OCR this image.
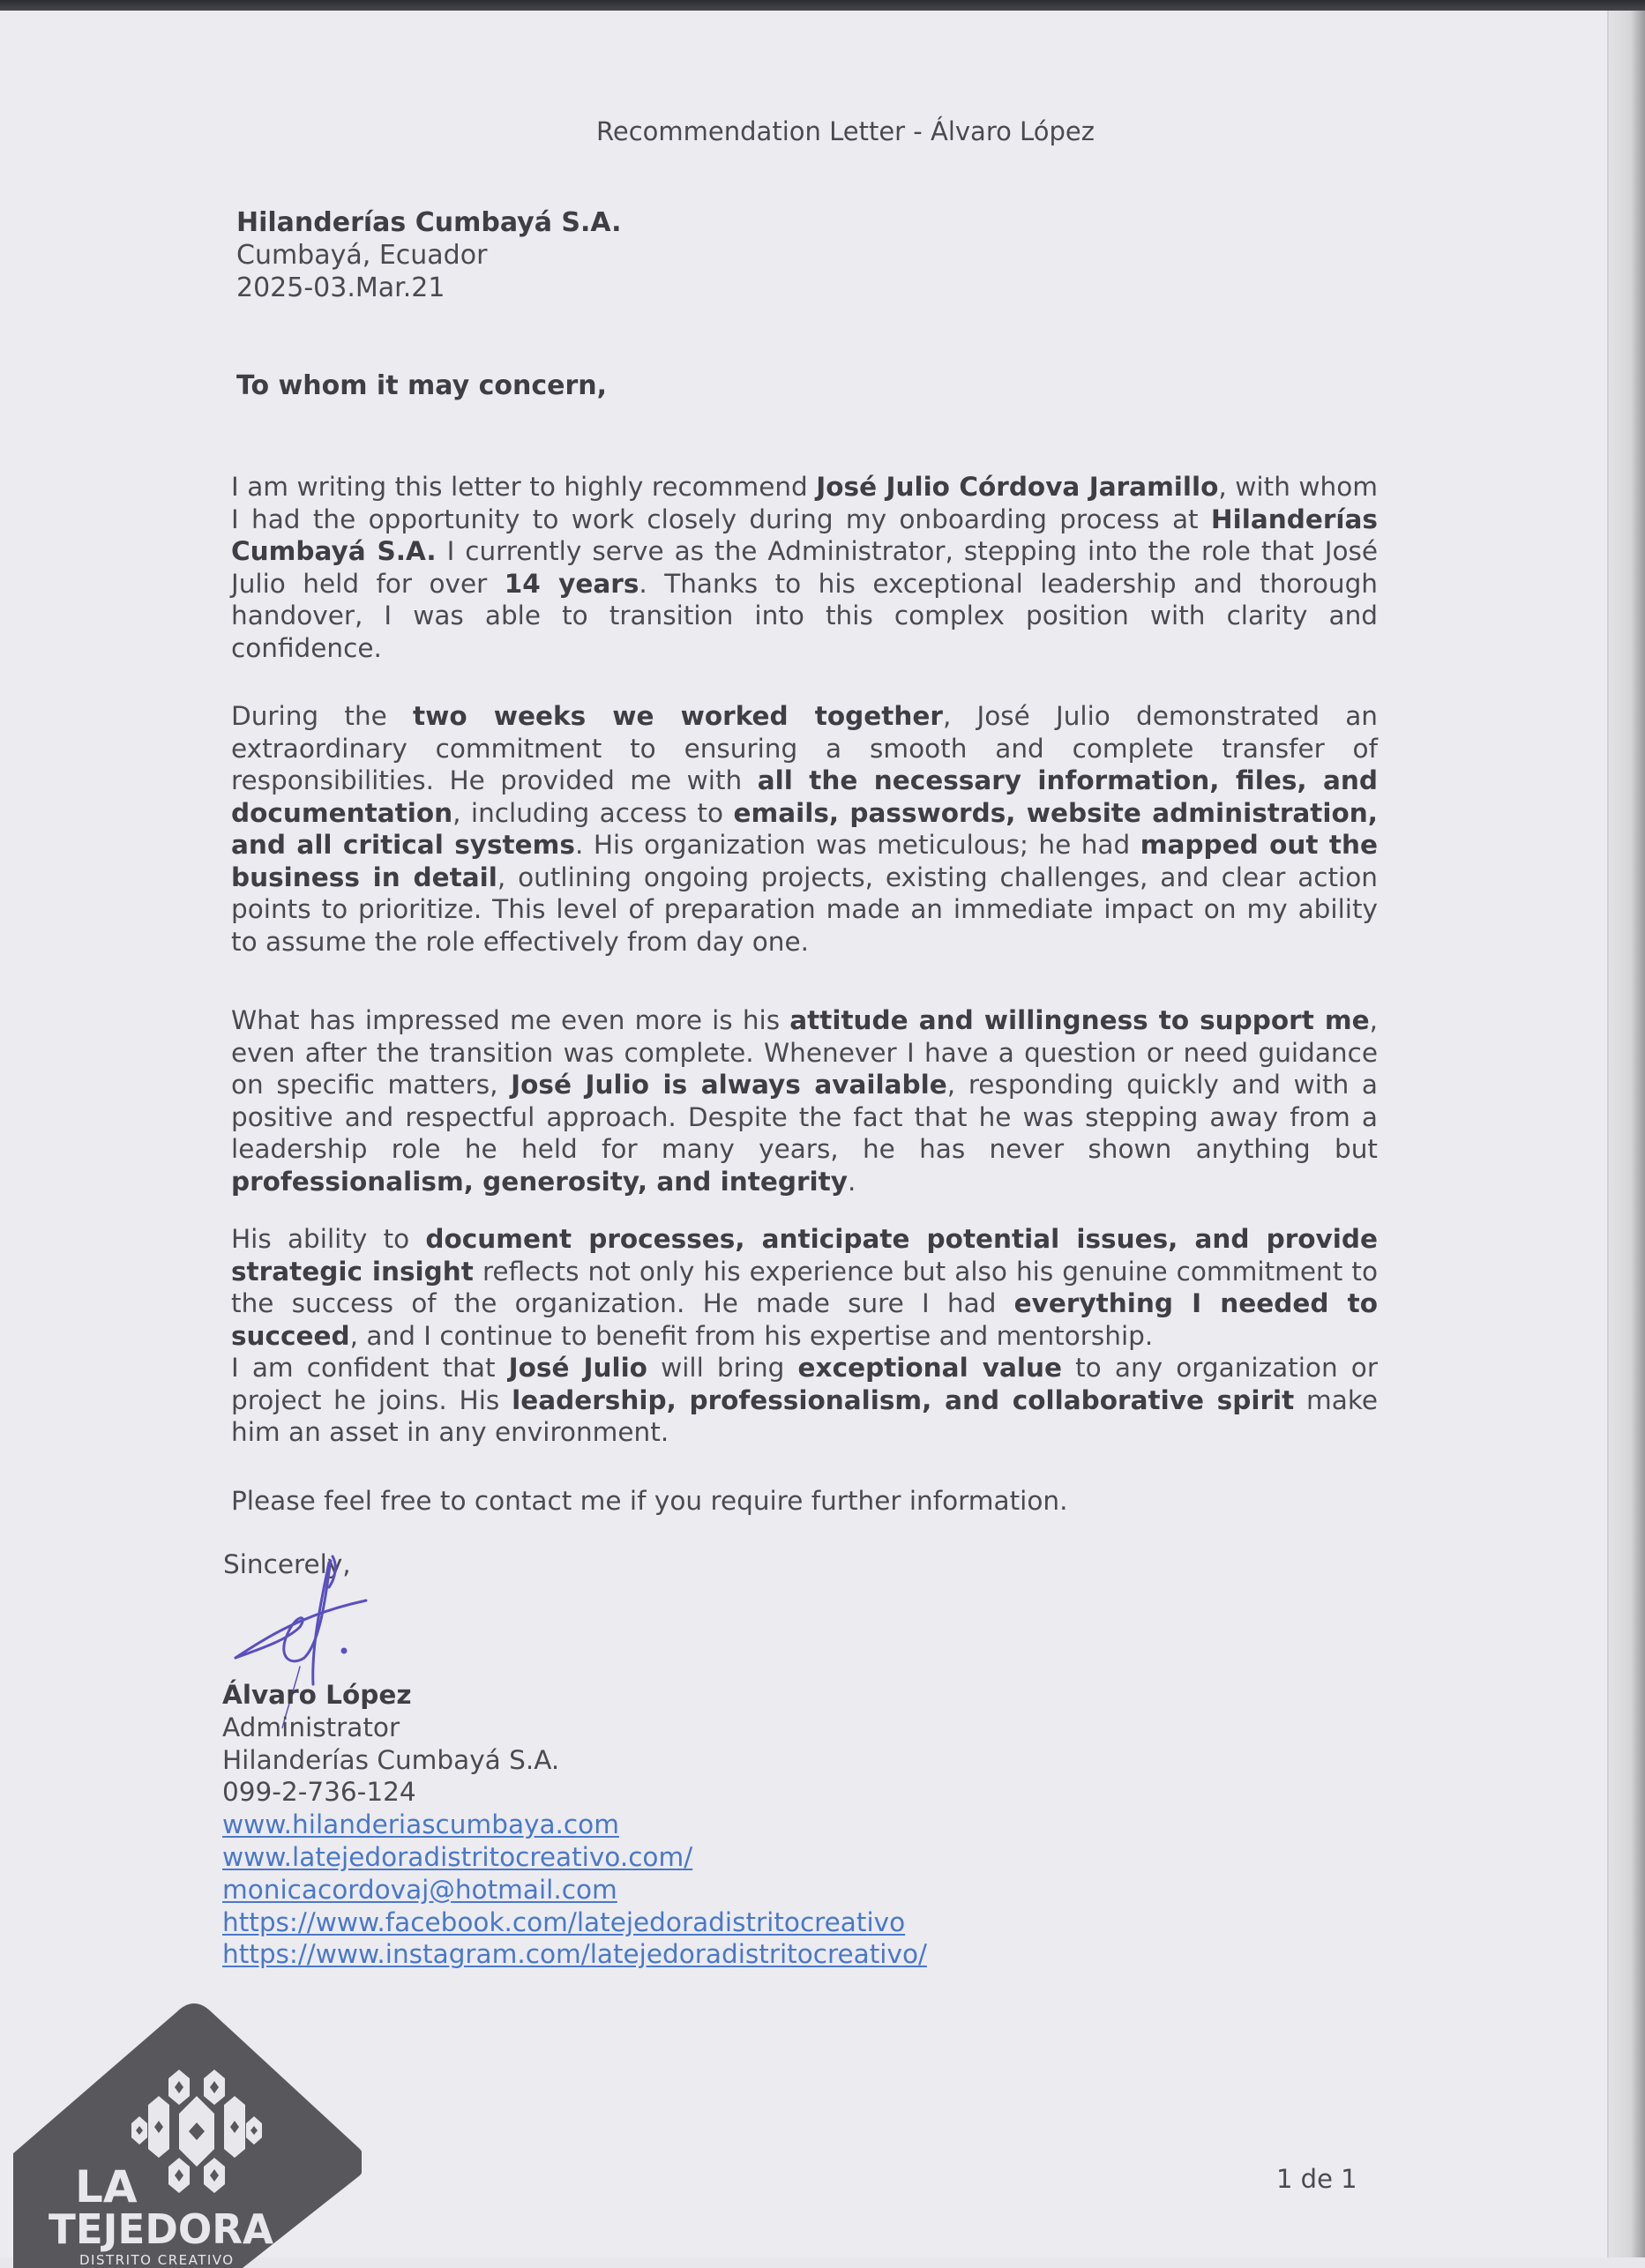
Recommendation Letter - Álvaro López
Hilanderías Cumbayá S.A.
Cumbayá, Ecuador
2025-03.Mar.21
To whom it may concern,
I am writing this letter to highly recommend José Julio Córdova Jaramillo, with whom I had the opportunity to work closely during my onboarding process at Hilanderías Cumbayá S.A. I currently serve as the Administrator, stepping into the role that José Julio held for over 14 years. Thanks to his exceptional leadership and thorough handover, I was able to transition into this complex position with clarity and confidence.
During the two weeks we worked together, José Julio demonstrated an extraordinary commitment to ensuring a smooth and complete transfer of responsibilities. He provided me with all the necessary information, files, and documentation, including access to emails, passwords, website administration, and all critical systems. His organization was meticulous; he had mapped out the business in detail, outlining ongoing projects, existing challenges, and clear action points to prioritize. This level of preparation made an immediate impact on my ability to assume the role effectively from day one.
What has impressed me even more is his attitude and willingness to support me, even after the transition was complete. Whenever I have a question or need guidance on specific matters, José Julio is always available, responding quickly and with a positive and respectful approach. Despite the fact that he was stepping away from a leadership role he held for many years, he has never shown anything but professionalism, generosity, and integrity.
His ability to document processes, anticipate potential issues, and provide strategic insight reflects not only his experience but also his genuine commitment to the success of the organization. He made sure I had everything I needed to succeed, and I continue to benefit from his expertise and mentorship.
I am confident that José Julio will bring exceptional value to any organization or project he joins. His leadership, professionalism, and collaborative spirit make him an asset in any environment.
Please feel free to contact me if you require further information.
Sincerely,
Álvaro López
Administrator
Hilanderías Cumbayá S.A.
099-2-736-124
www.hilanderiascumbaya.com
www.latejedoradistritocreativo.com/
monicacordovaj@hotmail.com
https://www.facebook.com/latejedoradistritocreativo
https://www.instagram.com/latejedoradistritocreativo/
LA
TEJEDORA
DISTRITO CREATIVO
1 de 1
